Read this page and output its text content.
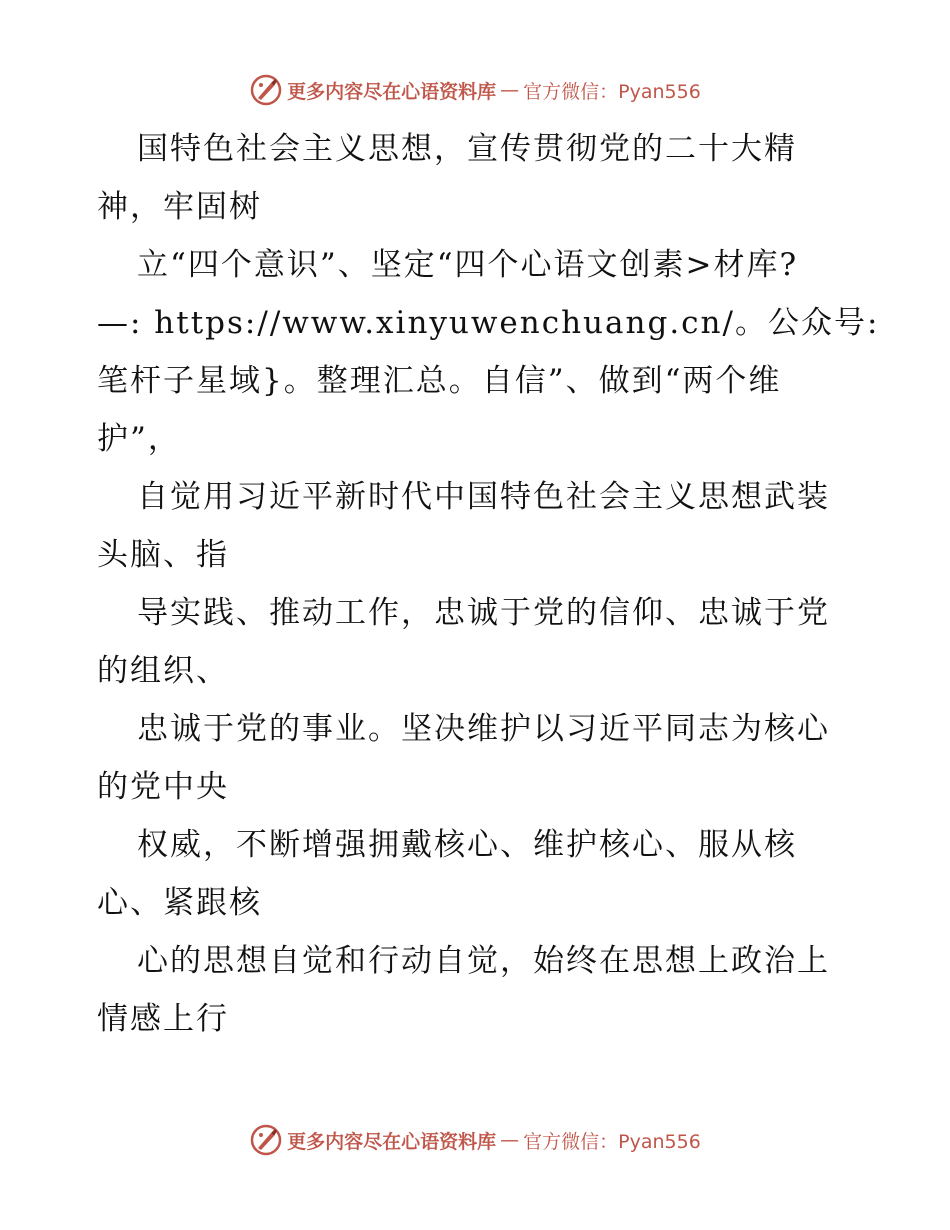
更多内容尽在心语资料库 — 官方微信：Pyan556
国特色社会主义思想，宣传贯彻党的二十大精
神，牢固树
立“四个意识”、坚定“四个心语文创素>材库?
—: https://www.xinyuwenchuang.cn/。公众号:
笔杆子星域}。整理汇总。自信”、做到“两个维
护”，
自觉用习近平新时代中国特色社会主义思想武装
头脑、指
导实践、推动工作，忠诚于党的信仰、忠诚于党
的组织、
忠诚于党的事业。坚决维护以习近平同志为核心
的党中央
权威，不断增强拥戴核心、维护核心、服从核
心、紧跟核
心的思想自觉和行动自觉，始终在思想上政治上
情感上行
更多内容尽在心语资料库 — 官方微信：Pyan556
